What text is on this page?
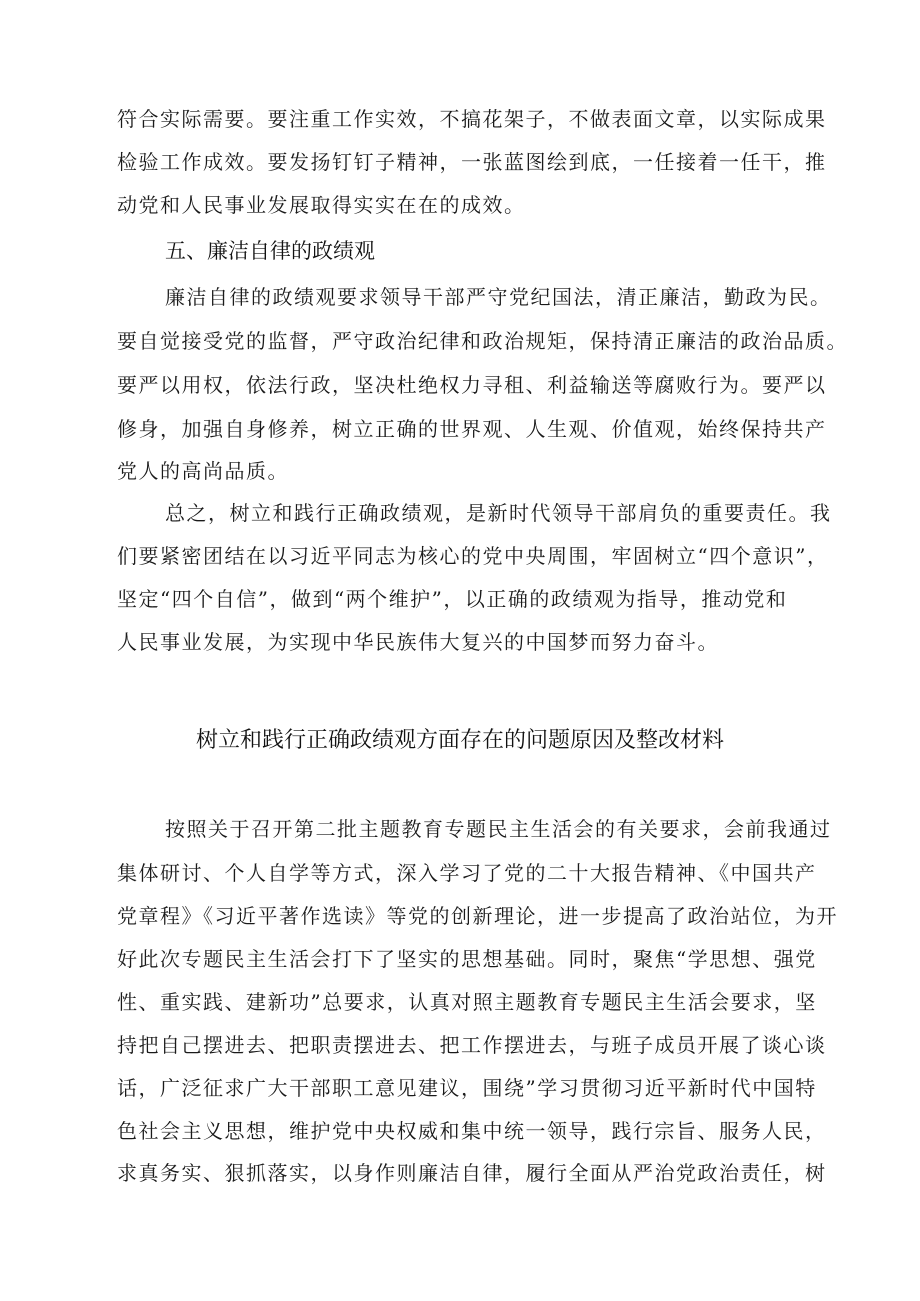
符合实际需要。要注重工作实效，不搞花架子，不做表面文章，以实际成果
检验工作成效。要发扬钉钉子精神，一张蓝图绘到底，一任接着一任干，推
动党和人民事业发展取得实实在在的成效。
五、廉洁自律的政绩观
廉洁自律的政绩观要求领导干部严守党纪国法，清正廉洁，勤政为民。
要自觉接受党的监督，严守政治纪律和政治规矩，保持清正廉洁的政治品质。
要严以用权，依法行政，坚决杜绝权力寻租、利益输送等腐败行为。要严以
修身，加强自身修养，树立正确的世界观、人生观、价值观，始终保持共产
党人的高尚品质。
总之，树立和践行正确政绩观，是新时代领导干部肩负的重要责任。我
们要紧密团结在以习近平同志为核心的党中央周围，牢固树立“四个意识”，
坚定“四个自信”，做到“两个维护”，以正确的政绩观为指导，推动党和
人民事业发展，为实现中华民族伟大复兴的中国梦而努力奋斗。
树立和践行正确政绩观方面存在的问题原因及整改材料
按照关于召开第二批主题教育专题民主生活会的有关要求，会前我通过
集体研讨、个人自学等方式，深入学习了党的二十大报告精神、《中国共产
党章程》《习近平著作选读》等党的创新理论，进一步提高了政治站位，为开
好此次专题民主生活会打下了坚实的思想基础。同时，聚焦“学思想、强党
性、重实践、建新功”总要求，认真对照主题教育专题民主生活会要求，坚
持把自己摆进去、把职责摆进去、把工作摆进去，与班子成员开展了谈心谈
话，广泛征求广大干部职工意见建议，围绕”学习贯彻习近平新时代中国特
色社会主义思想，维护党中央权威和集中统一领导，践行宗旨、服务人民，
求真务实、狠抓落实，以身作则廉洁自律，履行全面从严治党政治责任，树
